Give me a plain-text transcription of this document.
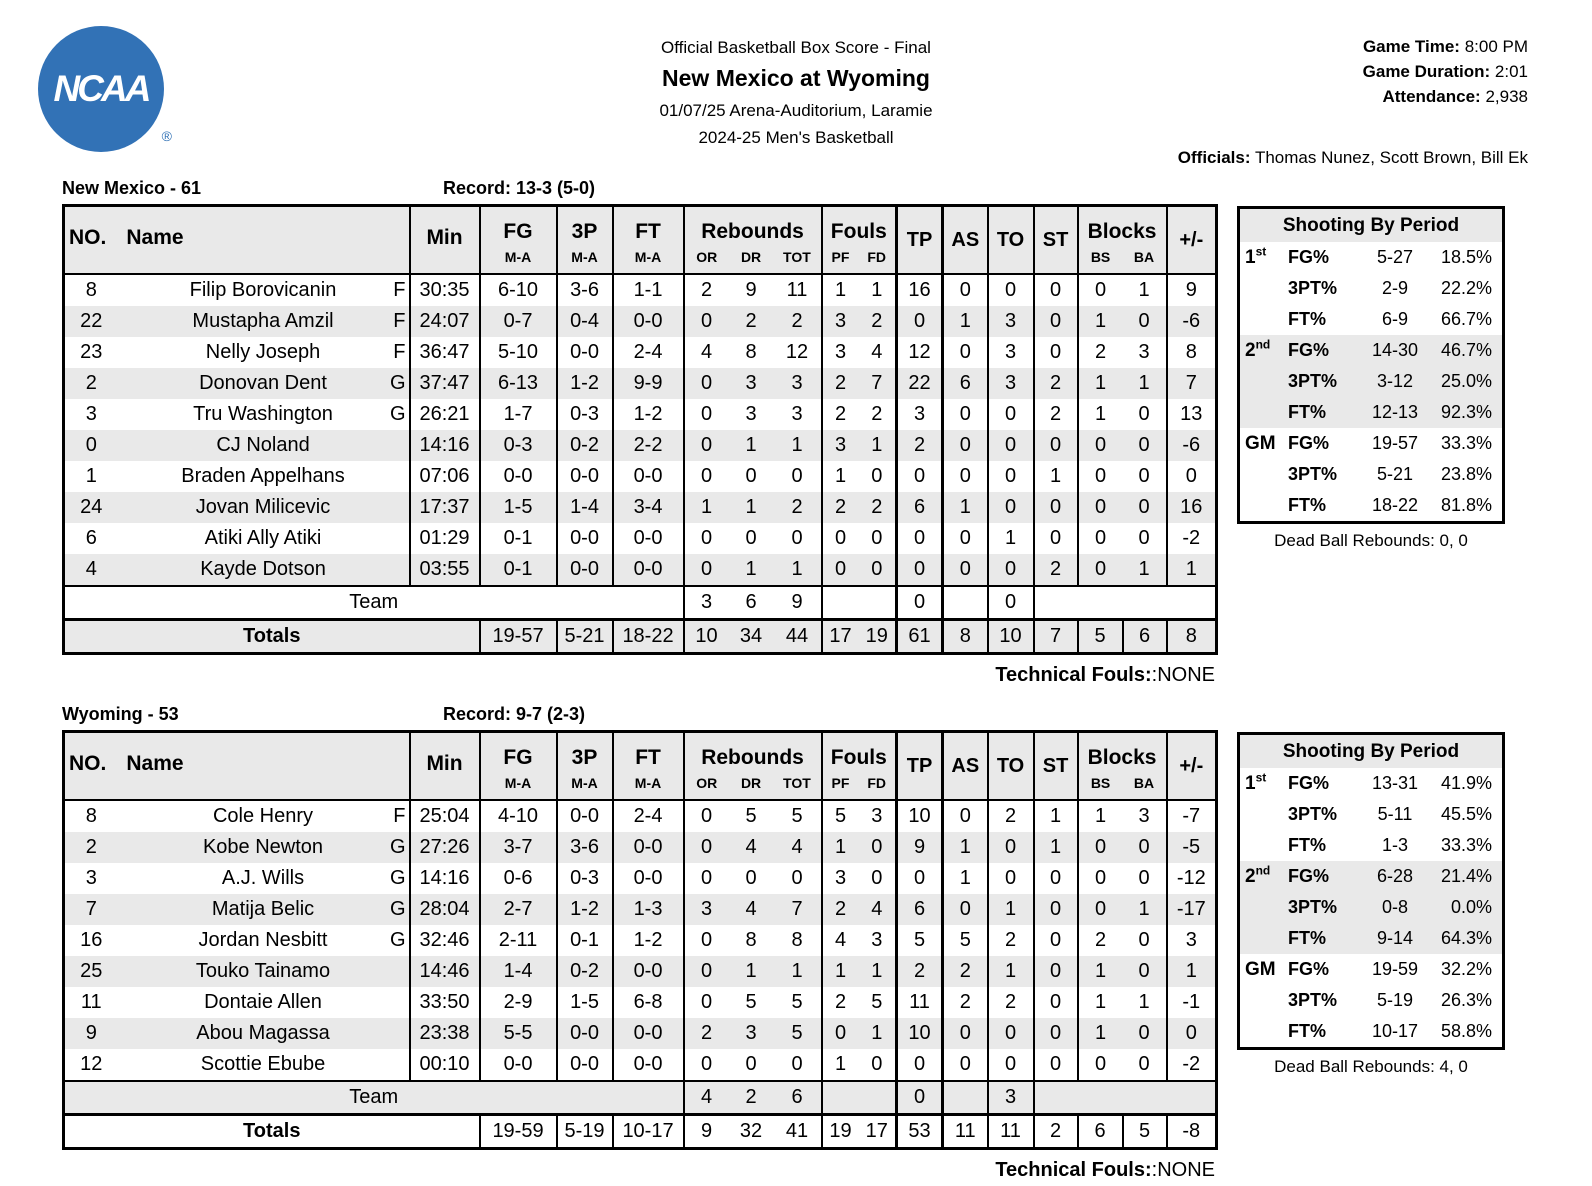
NCAA
®
Official Basketball Box Score - Final
New Mexico at Wyoming
01/07/25 Arena-Auditorium, Laramie
2024-25 Men's Basketball
Game Time: 8:00 PM
Game Duration: 2:01
Attendance: 2,938
Officials: Thomas Nunez, Scott Brown, Bill Ek
New Mexico - 61	Record: 13-3 (5-0)
NO. Name	Min	FG
M-A

3P
M-A

FT
M-A

Rebounds
OR	DR	TOT

Fouls
PF	FD
	TP	AS	TO	ST	Blocks
BS	BA
	+/-
8	Filip Borovicanin F	30:35	6-10	3-6	1-1	2	9	11	1	1	16	0	0	0	0	1	9
22	Mustapha Amzil F	24:07	0-7	0-4	0-0	0	2	2	3	2	0	1	3	0	1	0	-6
23	Nelly Joseph F	36:47	5-10	0-0	2-4	4	8	12	3	4	12	0	3	0	2	3	8
2	Donovan Dent G	37:47	6-13	1-2	9-9	0	3	3	2	7	22	6	3	2	1	1	7
3	Tru Washington G	26:21	1-7	0-3	1-2	0	3	3	2	2	3	0	0	2	1	0	13
0	CJ Noland	14:16	0-3	0-2	2-2	0	1	1	3	1	2	0	0	0	0	0	-6
1	Braden Appelhans	07:06	0-0	0-0	0-0	0	0	0	1	0	0	0	0	1	0	0	0
24	Jovan Milicevic	17:37	1-5	1-4	3-4	1	1	2	2	2	6	1	0	0	0	0	16
6	Atiki Ally Atiki	01:29	0-1	0-0	0-0	0	0	0	0	0	0	0	1	0	0	0	-2
4	Kayde Dotson	03:55	0-1	0-0	0-0	0	1	1	0	0	0	0	0	2	0	1	1
Team						3	6	9			0		0				
Totals			19-57	5-21	18-22	10	34	44	17	19	61	8	10	7	5	6	8
Technical Fouls::NONE
Shooting By Period
1st	FG%	5-27	18.5%
3PT%	2-9	22.2%
FT%	6-9	66.7%
2nd FG%	14-30	46.7%
3PT%	3-12	25.0%
FT%	12-13	92.3%
GM FG%	19-57	33.3%
3PT%	5-21	23.8%
FT%	18-22	81.8%
Dead Ball Rebounds: 0, 0
Wyoming - 53	Record: 9-7 (2-3)
NO. Name	Min	FG
M-A

3P
M-A

FT
M-A

Rebounds
OR	DR	TOT

Fouls
PF	FD
	TP	AS	TO	ST	Blocks
BS	BA
	+/-
8	Cole Henry F	25:04	4-10	0-0	2-4	0	5	5	5	3	10	0	2	1	1	3	-7
2	Kobe Newton G	27:26	3-7	3-6	0-0	0	4	4	1	0	9	1	0	1	0	0	-5
3	A.J. Wills G	14:16	0-6	0-3	0-0	0	0	0	3	0	0	1	0	0	0	0	-12
7	Matija Belic G	28:04	2-7	1-2	1-3	3	4	7	2	4	6	0	1	0	0	1	-17
16	Jordan Nesbitt G	32:46	2-11	0-1	1-2	0	8	8	4	3	5	5	2	0	2	0	3
25	Touko Tainamo	14:46	1-4	0-2	0-0	0	1	1	1	1	2	2	1	0	1	0	1
11	Dontaie Allen	33:50	2-9	1-5	6-8	0	5	5	2	5	11	2	2	0	1	1	-1
9	Abou Magassa	23:38	5-5	0-0	0-0	2	3	5	0	1	10	0	0	0	1	0	0
12	Scottie Ebube	00:10	0-0	0-0	0-0	0	0	0	1	0	0	0	0	0	0	0	-2
Team						4	2	6			0		3				
Totals			19-59	5-19	10-17	9	32	41	19	17	53	11	11	2	6	5	-8
Technical Fouls::NONE
Shooting By Period
1st	FG%	13-31	41.9%
3PT%	5-11	45.5%
FT%	1-3	33.3%
2nd FG%	6-28	21.4%
3PT%	0-8	0.0%
FT%	9-14	64.3%
GM FG%	19-59	32.2%
3PT%	5-19	26.3%
FT%	10-17	58.8%
Dead Ball Rebounds: 4, 0
